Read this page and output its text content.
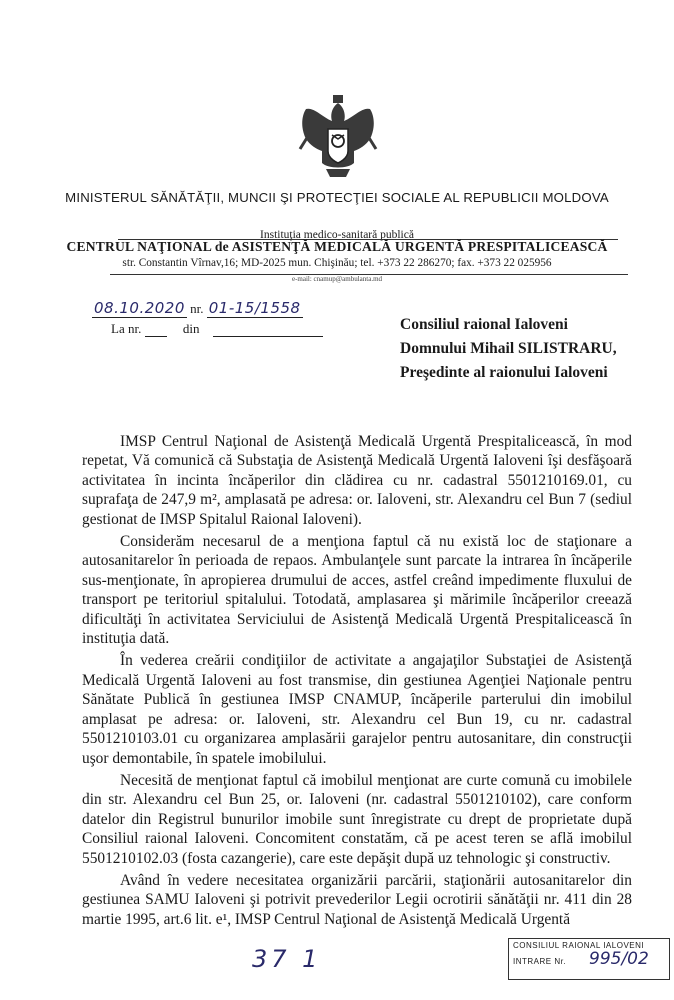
MINISTERUL SĂNĂTĂŢII, MUNCII ŞI PROTECŢIEI SOCIALE AL REPUBLICII MOLDOVA
Instituţia medico-sanitară publică
CENTRUL NAŢIONAL de ASISTENŢĂ MEDICALĂ URGENTĂ PRESPITALICEASCĂ
str. Constantin Vîrnav,16; MD-2025 mun. Chişinău; tel. +373 22 286270; fax. +373 22 025956
e-mail: cnamup@ambulanta.md
08.10.2020 nr. 01-15/1558
La nr.	din	Consiliul raional Ialoveni
Domnului Mihail SILISTRARU,
Preşedinte al raionului Ialoveni

IMSP Centrul Naţional de Asistenţă Medicală Urgentă Prespitalicească, în mod repetat, Vă comunică că Substaţia de Asistenţă Medicală Urgentă Ialoveni îşi desfăşoară activitatea în incinta încăperilor din clădirea cu nr. cadastral 5501210169.01, cu suprafaţa de 247,9 m², amplasată pe adresa: or. Ialoveni, str. Alexandru cel Bun 7 (sediul gestionat de IMSP Spitalul Raional Ialoveni).

Considerăm necesarul de a menţiona faptul că nu există loc de staţionare a autosanitarelor în perioada de repaos. Ambulanţele sunt parcate la intrarea în încăperile sus-menţionate, în apropierea drumului de acces, astfel creând impedimente fluxului de transport pe teritoriul spitalului. Totodată, amplasarea şi mărimile încăperilor creează dificultăţi în activitatea Serviciului de Asistenţă Medicală Urgentă Prespitalicească în instituţia dată.

În vederea creării condiţiilor de activitate a angajaţilor Substaţiei de Asistenţă Medicală Urgentă Ialoveni au fost transmise, din gestiunea Agenţiei Naţionale pentru Sănătate Publică în gestiunea IMSP CNAMUP, încăperile parterului din imobilul amplasat pe adresa: or. Ialoveni, str. Alexandru cel Bun 19, cu nr. cadastral 5501210103.01 cu organizarea amplasării garajelor pentru autosanitare, din construcţii uşor demontabile, în spatele imobilului.

Necesită de menţionat faptul că imobilul menţionat are curte comună cu imobilele din str. Alexandru cel Bun 25, or. Ialoveni (nr. cadastral 5501210102), care conform datelor din Registrul bunurilor imobile sunt înregistrate cu drept de proprietate după Consiliul raional Ialoveni. Concomitent constatăm, că pe acest teren se află imobilul 5501210102.03 (fosta cazangerie), care este depăşit după uz tehnologic şi constructiv.

Având în vedere necesitatea organizării parcării, staţionării autosanitarelor din gestiunea SAMU Ialoveni şi potrivit prevederilor Legii ocrotirii sănătăţii nr. 411 din 28 martie 1995, art.6 lit. e¹, IMSP Centrul Naţional de Asistenţă Medicală Urgentă

37 1	CONSILIUL RAIONAL IALOVENI
INTRARE Nr. 995/02
